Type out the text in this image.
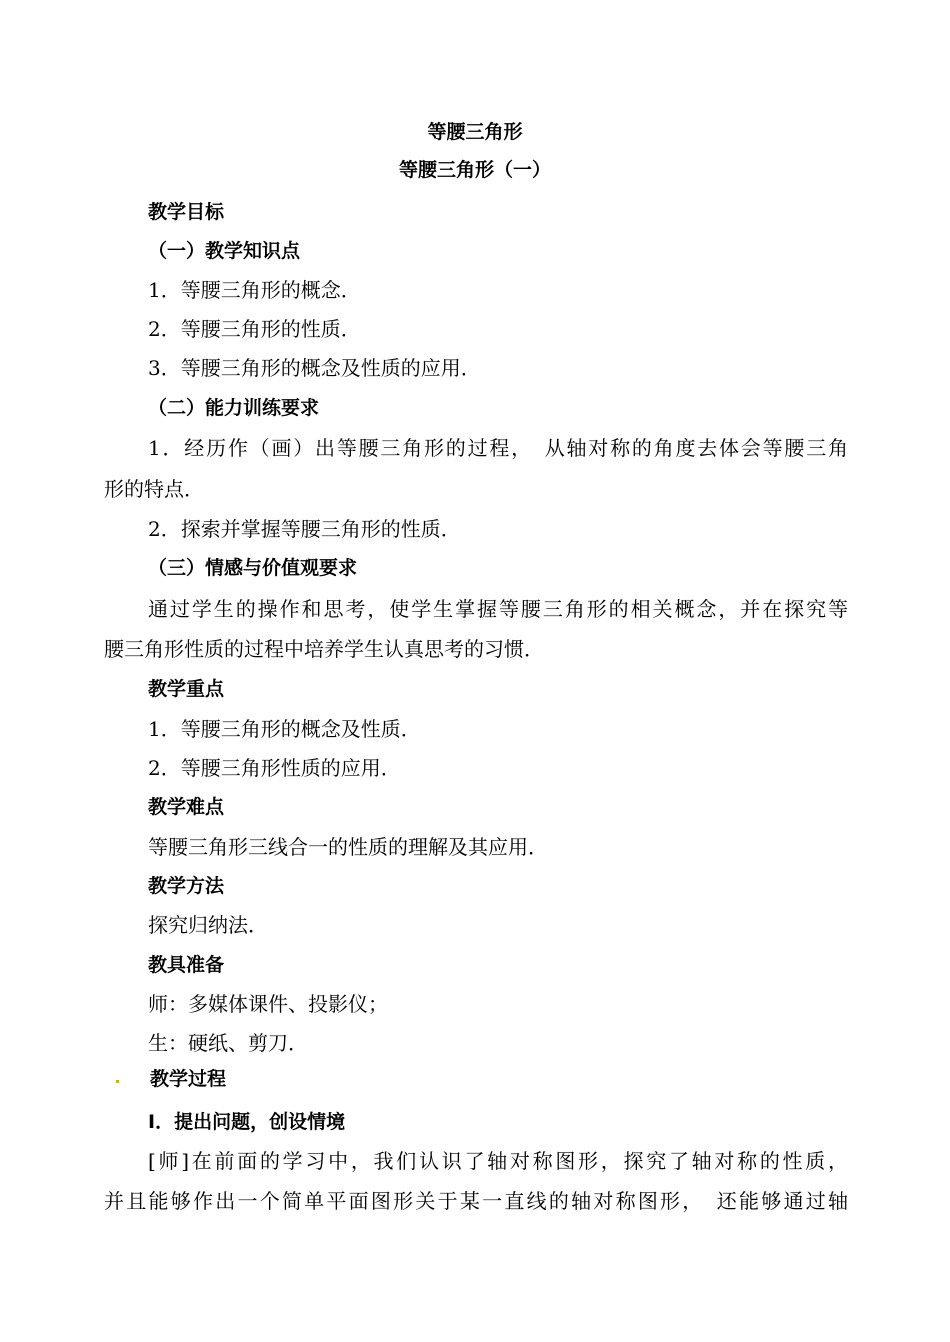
等腰三角形
等腰三角形（一）
教学目标
（一）教学知识点
1．等腰三角形的概念．
2．等腰三角形的性质．
3．等腰三角形的概念及性质的应用．
（二）能力训练要求
1．经历作（画）出等腰三角形的过程，　从轴对称的角度去体会等腰三角
形的特点．
2．探索并掌握等腰三角形的性质．
（三）情感与价值观要求
通过学生的操作和思考，使学生掌握等腰三角形的相关概念，并在探究等
腰三角形性质的过程中培养学生认真思考的习惯．
教学重点
1．等腰三角形的概念及性质．
2．等腰三角形性质的应用．
教学难点
等腰三角形三线合一的性质的理解及其应用．
教学方法
探究归纳法．
教具准备
师：多媒体课件、投影仪；
生：硬纸、剪刀．
教学过程
Ⅰ．提出问题，创设情境
[师]在前面的学习中，我们认识了轴对称图形，探究了轴对称的性质，
并且能够作出一个简单平面图形关于某一直线的轴对称图形，　还能够通过轴
